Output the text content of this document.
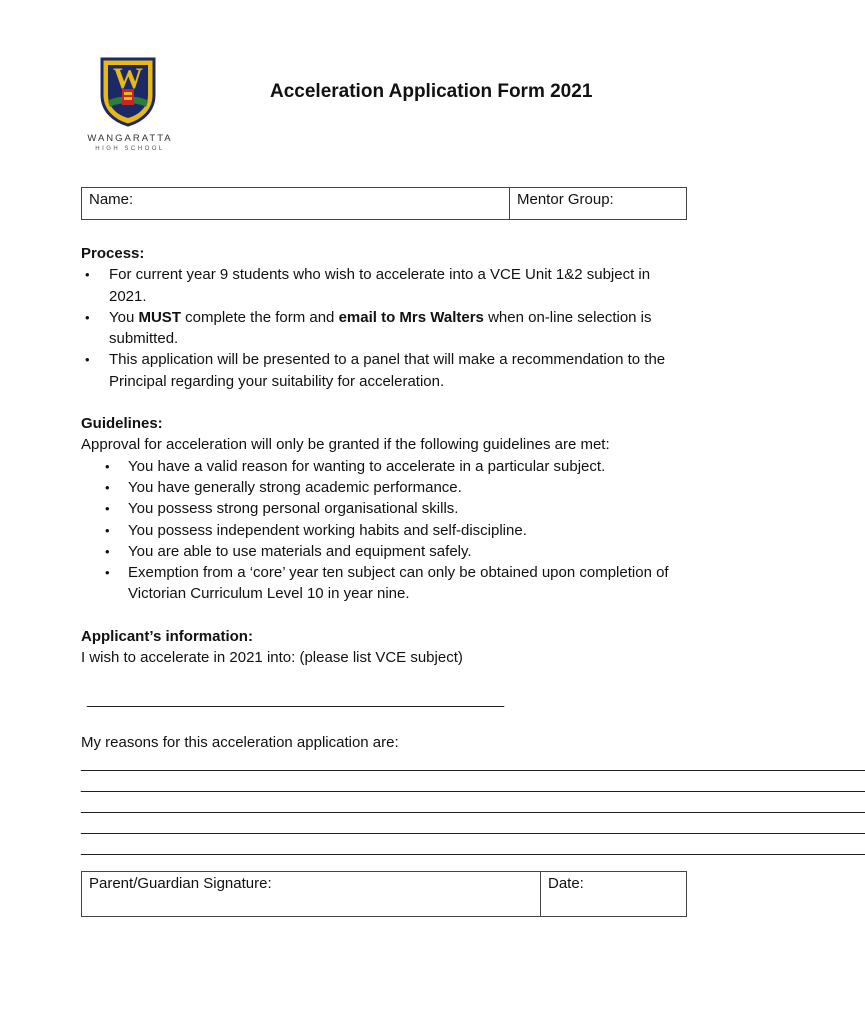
W
WANGARATTA
HIGH SCHOOL
Acceleration Application Form 2021
Name:	Mentor Group:

Process:

• For current year 9 students who wish to accelerate into a VCE Unit 1&2 subject in 2021.
• You MUST complete the form and email to Mrs Walters when on-line selection is submitted.
• This application will be presented to a panel that will make a recommendation to the Principal regarding your suitability for acceleration.

Guidelines:

Approval for acceleration will only be granted if the following guidelines are met:

• You have a valid reason for wanting to accelerate in a particular subject.
• You have generally strong academic performance.
• You possess strong personal organisational skills.
• You possess independent working habits and self-discipline.
• You are able to use materials and equipment safely.
• Exemption from a ‘core’ year ten subject can only be obtained upon completion of Victorian Curriculum Level 10 in year nine.

Applicant’s information:

I wish to accelerate in 2021 into: (please list VCE subject)

__________________________________________________

My reasons for this acceleration application are:

______________________________________________________________________________________________

______________________________________________________________________________________________

______________________________________________________________________________________________

______________________________________________________________________________________________

______________________________________________________________________________________________

Parent/Guardian Signature:	Date:
